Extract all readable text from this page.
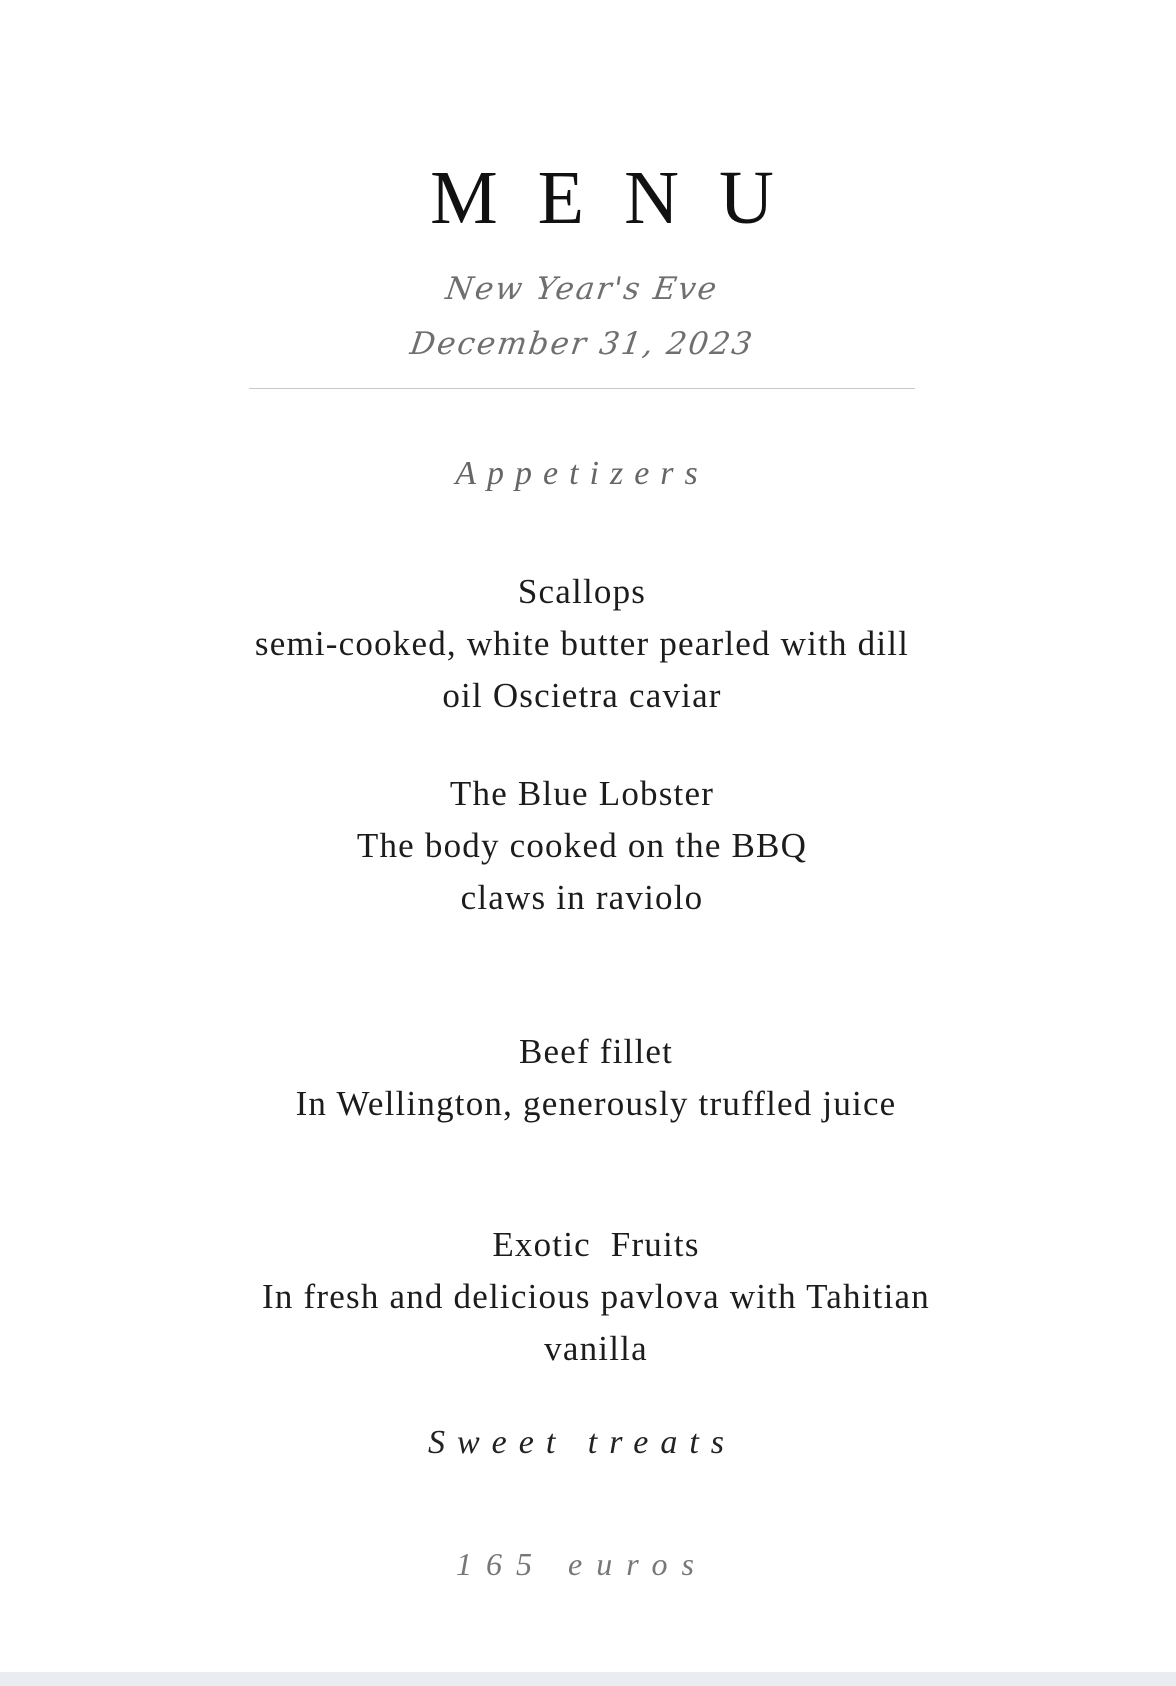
MENU
New Year's Eve
December 31, 2023
Appetizers
Scallops
semi-cooked, white butter pearled with dill
oil Oscietra caviar
The Blue Lobster
The body cooked on the BBQ
claws in raviolo
Beef fillet
In Wellington, generously truffled juice
Exotic  Fruits
In fresh and delicious pavlova with Tahitian
vanilla
Sweet treats
165 euros
